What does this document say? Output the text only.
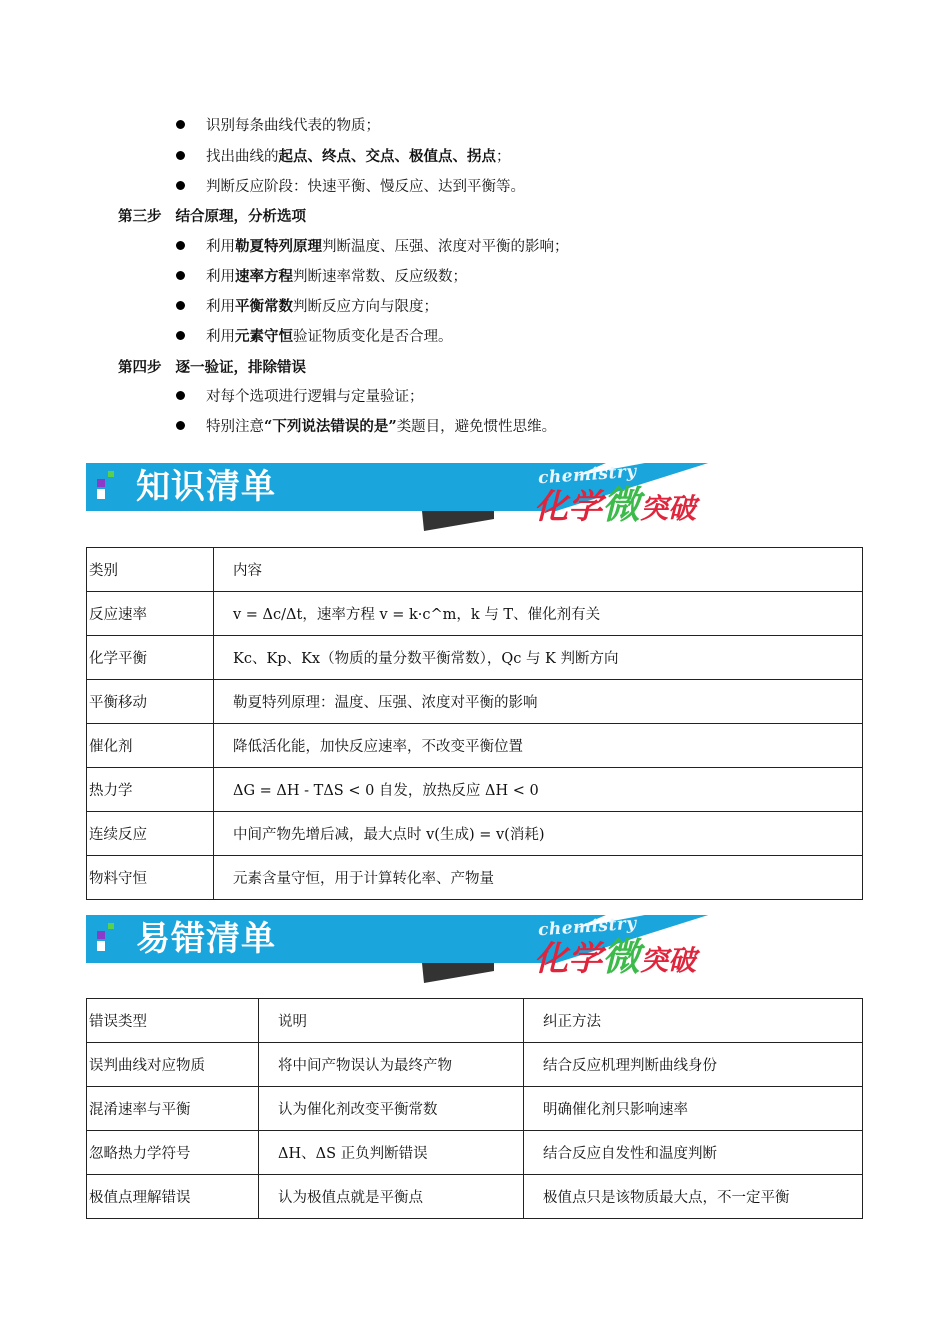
识别每条曲线代表的物质；
找出曲线的起点、终点、交点、极值点、拐点；
判断反应阶段：快速平衡、慢反应、达到平衡等。
第三步 结合原理，分析选项
利用勒夏特列原理判断温度、压强、浓度对平衡的影响；
利用速率方程判断速率常数、反应级数；
利用平衡常数判断反应方向与限度；
利用元素守恒验证物质变化是否合理。
第四步 逐一验证，排除错误
对每个选项进行逻辑与定量验证；
特别注意“下列说法错误的是”类题目，避免惯性思维。
知识清单	chemistry
化学微突破
类别	内容
反应速率	v = Δc/Δt，速率方程 v = k·c^m，k 与 T、催化剂有关
化学平衡	Kc、Kp、Kx（物质的量分数平衡常数），Qc 与 K 判断方向
平衡移动	勒夏特列原理：温度、压强、浓度对平衡的影响
催化剂	降低活化能，加快反应速率，不改变平衡位置
热力学	ΔG = ΔH - TΔS < 0 自发，放热反应 ΔH < 0
连续反应	中间产物先增后减，最大点时 v(生成) = v(消耗)
物料守恒	元素含量守恒，用于计算转化率、产物量
易错清单	chemistry
化学微突破
错误类型	说明	纠正方法
误判曲线对应物质	将中间产物误认为最终产物	结合反应机理判断曲线身份
混淆速率与平衡	认为催化剂改变平衡常数	明确催化剂只影响速率
忽略热力学符号	ΔH、ΔS 正负判断错误	结合反应自发性和温度判断
极值点理解错误	认为极值点就是平衡点	极值点只是该物质最大点，不一定平衡
